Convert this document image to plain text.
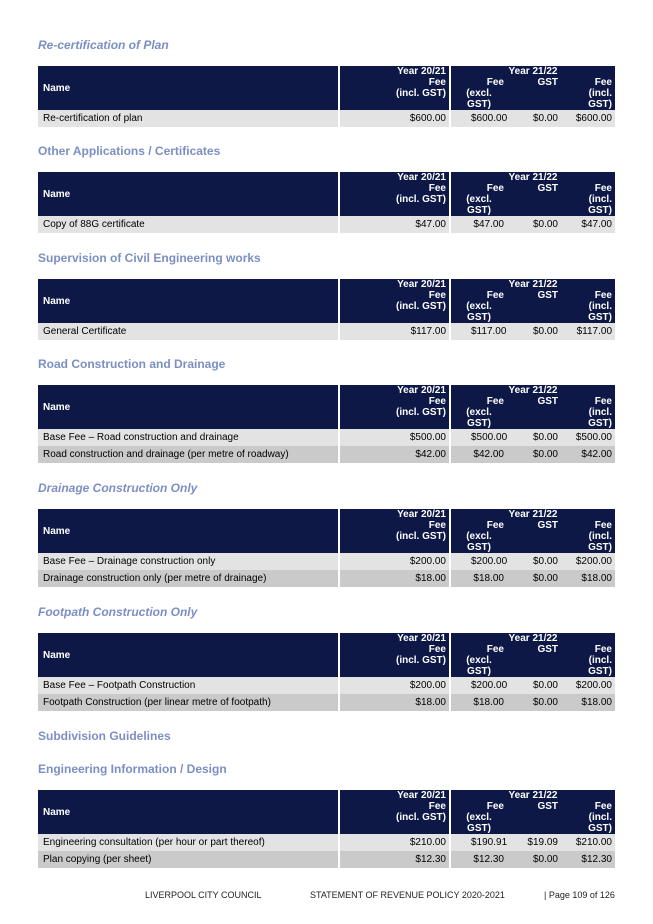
Re-certification of Plan
Name	Year 20/21	Year 21/22		
	Fee	Fee	GST	Fee
	(incl. GST)	(excl. GST)		(incl. GST)
Re-certification of plan	$600.00	$600.00	$0.00	$600.00
Other Applications / Certificates
Name	Year 20/21	Year 21/22		
	Fee	Fee	GST	Fee
	(incl. GST)	(excl. GST)		(incl. GST)
Copy of 88G certificate	$47.00	$47.00	$0.00	$47.00
Supervision of Civil Engineering works
Name	Year 20/21	Year 21/22		
	Fee	Fee	GST	Fee
	(incl. GST)	(excl. GST)		(incl. GST)
General Certificate	$117.00	$117.00	$0.00	$117.00
Road Construction and Drainage
Name	Year 20/21	Year 21/22		
	Fee	Fee	GST	Fee
	(incl. GST)	(excl. GST)		(incl. GST)
Base Fee – Road construction and drainage	$500.00	$500.00	$0.00	$500.00
Road construction and drainage (per metre of roadway)	$42.00	$42.00	$0.00	$42.00
Drainage Construction Only
Name	Year 20/21	Year 21/22		
	Fee	Fee	GST	Fee
	(incl. GST)	(excl. GST)		(incl. GST)
Base Fee – Drainage construction only	$200.00	$200.00	$0.00	$200.00
Drainage construction only (per metre of drainage)	$18.00	$18.00	$0.00	$18.00
Footpath Construction Only
Name	Year 20/21	Year 21/22		
	Fee	Fee	GST	Fee
	(incl. GST)	(excl. GST)		(incl. GST)
Base Fee – Footpath Construction	$200.00	$200.00	$0.00	$200.00
Footpath Construction (per linear metre of footpath)	$18.00	$18.00	$0.00	$18.00
Subdivision Guidelines
Engineering Information / Design
Name	Year 20/21	Year 21/22		
	Fee	Fee	GST	Fee
	(incl. GST)	(excl. GST)		(incl. GST)
Engineering consultation (per hour or part thereof)	$210.00	$190.91	$19.09	$210.00
Plan copying (per sheet)	$12.30	$12.30	$0.00	$12.30
LIVERPOOL CITY COUNCIL	STATEMENT OF REVENUE POLICY 2020-2021	| Page 109 of 126
